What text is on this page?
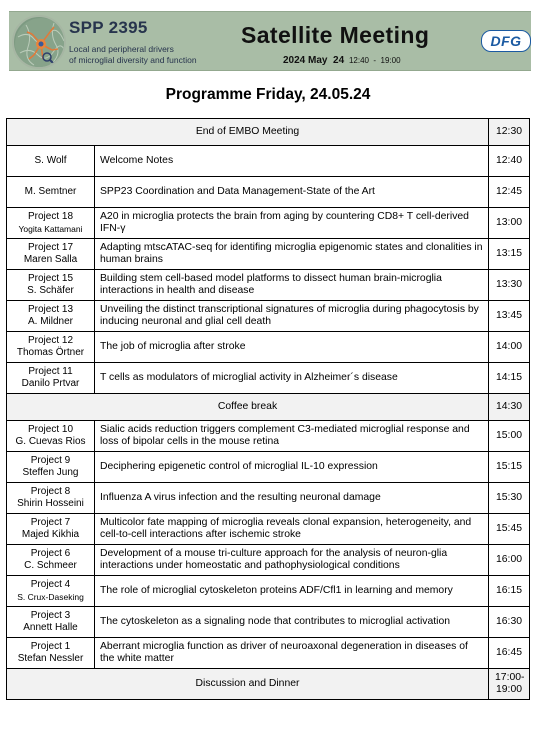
SPP 2395
Local and peripheral drivers
of microglial diversity and function
Satellite Meeting
2024 May  24 12:40  -  19:00
DFG
Programme Friday, 24.05.24
End of EMBO Meeting		12:30

S. Wolf	Welcome Notes	12:40

M. Semtner	SPP23 Coordination and Data Management-State of the Art	12:45

Project 18
Yogita Kattamani	A20 in microglia protects the brain from aging by countering CD8+ T cell-derived IFN-γ	13:00

Project 17
Maren Salla	Adapting mtscATAC-seq for identifing microglia epigenomic states and clonalities in human brains	13:15

Project 15
S. Schäfer	Building stem cell-based model platforms to dissect human brain-microglia interactions in health and disease	13:30

Project 13
A. Mildner	Unveiling the distinct transcriptional signatures of microglia during phagocytosis by inducing neuronal and glial cell death	13:45

Project 12
Thomas Örtner	The job of microglia after stroke	14:00

Project 11
Danilo Prtvar	T cells as modulators of microglial activity in Alzheimer´s disease	14:15
Coffee break		14:30

Project 10
G. Cuevas Rios	Sialic acids reduction triggers complement C3-mediated microglial response and loss of bipolar cells in the mouse retina	15:00

Project 9
Steffen Jung	Deciphering epigenetic control of microglial IL-10 expression	15:15

Project 8
Shirin Hosseini	Influenza A virus infection and the resulting neuronal damage	15:30

Project 7
Majed Kikhia	Multicolor fate mapping of microglia reveals clonal expansion, heterogeneity, and cell-to-cell interactions after ischemic stroke	15:45

Project 6
C. Schmeer	Development of a mouse tri-culture approach for the analysis of neuron-glia interactions under homeostatic and pathophysiological conditions	16:00

Project 4
S. Crux-Daseking	The role of microglial cytoskeleton proteins ADF/Cfl1 in learning and memory	16:15

Project 3
Annett Halle	The cytoskeleton as a signaling node that contributes to microglial activation	16:30

Project 1
Stefan Nessler	Aberrant microglia function as driver of neuroaxonal degeneration in diseases of the white matter	16:45
Discussion and Dinner		17:00- 19:00
